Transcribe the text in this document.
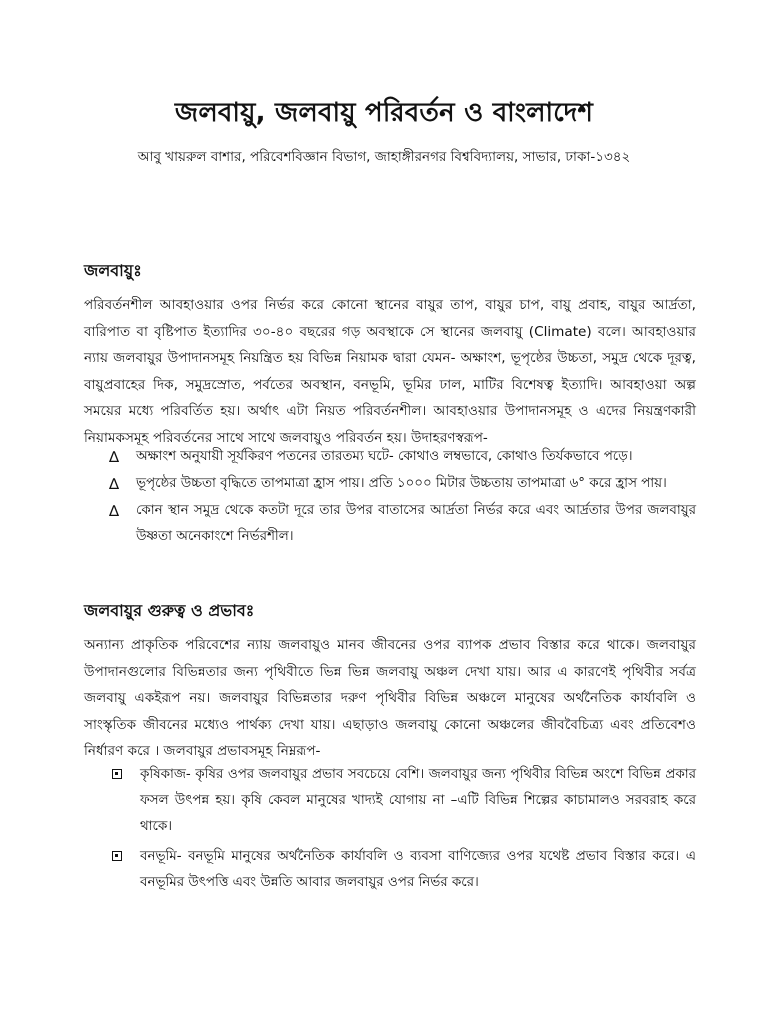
জলবায়ু, জলবায়ু পরিবর্তন ও বাংলাদেশ
আবু খায়রুল বাশার, পরিবেশবিজ্ঞান বিভাগ, জাহাঙ্গীরনগর বিশ্ববিদ্যালয়, সাভার, ঢাকা-১৩৪২
জলবায়ুঃ
পরিবর্তনশীল আবহাওয়ার ওপর নির্ভর করে কোনো স্থানের বায়ুর তাপ, বায়ুর চাপ, বায়ু প্রবাহ, বায়ুর আর্দ্রতা, বারিপাত বা বৃষ্টিপাত ইত্যাদির ৩০-৪০ বছরের গড় অবস্থাকে সে স্থানের জলবায়ু (Climate) বলে। আবহাওয়ার ন্যায় জলবায়ুর উপাদানসমূহ নিয়ন্ত্রিত হয় বিভিন্ন নিয়ামক দ্বারা যেমন- অক্ষাংশ, ভূপৃষ্ঠের উচ্চতা, সমুদ্র থেকে দূরত্ব, বায়ুপ্রবাহের দিক, সমুদ্রস্রোত, পর্বতের অবস্থান, বনভূমি, ভূমির ঢাল, মাটির বিশেষত্ব ইত্যাদি। আবহাওয়া অল্প সময়ের মধ্যে পরিবর্তিত হয়। অর্থাৎ এটা নিয়ত পরিবর্তনশীল। আবহাওয়ার উপাদানসমূহ ও এদের নিয়ন্ত্রণকারী নিয়ামকসমূহ পরিবর্তনের সাথে সাথে জলবায়ুও পরিবর্তন হয়। উদাহরণস্বরূপ-
∆ অক্ষাংশ অনুযায়ী সূর্যকিরণ পতনের তারতম্য ঘটে- কোথাও লম্বভাবে, কোথাও তির্যকভাবে পড়ে।
∆ ভূপৃষ্ঠের উচ্চতা বৃদ্ধিতে তাপমাত্রা হ্রাস পায়। প্রতি ১০০০ মিটার উচ্চতায় তাপমাত্রা ৬° করে হ্রাস পায়।
∆ কোন স্থান সমুদ্র থেকে কতটা দূরে তার উপর বাতাসের আর্দ্রতা নির্ভর করে এবং আর্দ্রতার উপর জলবায়ুর উষ্ণতা অনেকাংশে নির্ভরশীল।
জলবায়ুর গুরুত্ব ও প্রভাবঃ
অন্যান্য প্রাকৃতিক পরিবেশের ন্যায় জলবায়ুও মানব জীবনের ওপর ব্যাপক প্রভাব বিস্তার করে থাকে। জলবায়ুর উপাদানগুলোর বিভিন্নতার জন্য পৃথিবীতে ভিন্ন ভিন্ন জলবায়ু অঞ্চল দেখা যায়। আর এ কারণেই পৃথিবীর সর্বত্র জলবায়ু একইরূপ নয়। জলবায়ুর বিভিন্নতার দরুণ পৃথিবীর বিভিন্ন অঞ্চলে মানুষের অর্থনৈতিক কার্যাবলি ও সাংস্কৃতিক জীবনের মধ্যেও পার্থক্য দেখা যায়। এছাড়াও জলবায়ু কোনো অঞ্চলের জীববৈচিত্র্য এবং প্রতিবেশও নির্ধারণ করে । জলবায়ুর প্রভাবসমূহ নিম্নরূপ-
কৃষিকাজ- কৃষির ওপর জলবায়ুর প্রভাব সবচেয়ে বেশি। জলবায়ুর জন্য পৃথিবীর বিভিন্ন অংশে বিভিন্ন প্রকার ফসল উৎপন্ন হয়। কৃষি কেবল মানুষের খাদ্যই যোগায় না –এটি বিভিন্ন শিল্পের কাচামালও সরবরাহ করে থাকে।
বনভূমি- বনভূমি মানুষের অর্থনৈতিক কার্যাবলি ও ব্যবসা বাণিজ্যের ওপর যথেষ্ট প্রভাব বিস্তার করে। এ বনভূমির উৎপত্তি এবং উন্নতি আবার জলবায়ুর ওপর নির্ভর করে।
